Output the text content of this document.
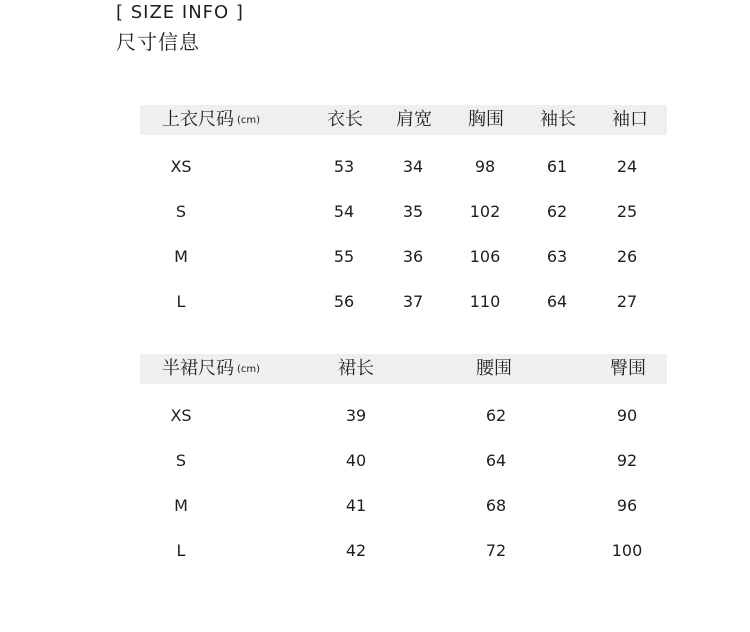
[ SIZE INFO ]
尺寸信息
上衣尺码 (cm)	衣长 肩宽 胸围 袖长 袖口
XS	53	34	98	61	24
S	54	35	102	62	25
M	55	36	106	63	26
L	56	37	110	64	27
半裙尺码 (cm)	裙长	腰围	臀围
XS	39	62	90
S	40	64	92
M	41	68	96
L	42	72	100
